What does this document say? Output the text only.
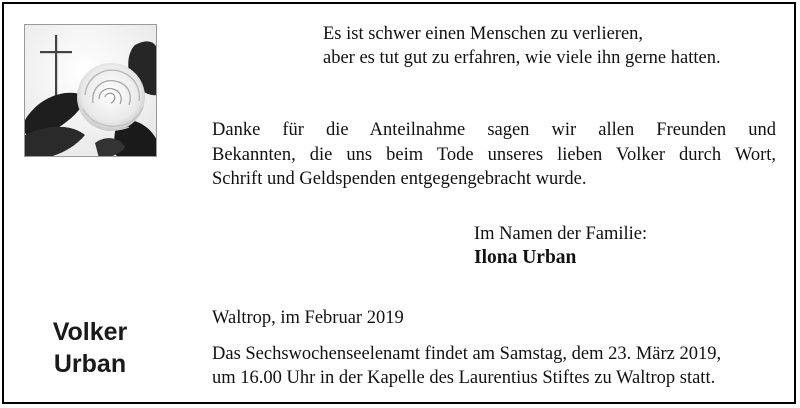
Es ist schwer einen Menschen zu verlieren,
aber es tut gut zu erfahren, wie viele ihn gerne hatten.
Danke für die Anteilnahme sagen wir allen Freunden und
Bekannten, die uns beim Tode unseres lieben Volker durch Wort,
Schrift und Geldspenden entgegengebracht wurde.
Im Namen der Familie:
Ilona Urban
Volker
Urban
Waltrop, im Februar 2019
Das Sechswochenseelenamt findet am Samstag, dem 23. März 2019,
um 16.00 Uhr in der Kapelle des Laurentius Stiftes zu Waltrop statt.
